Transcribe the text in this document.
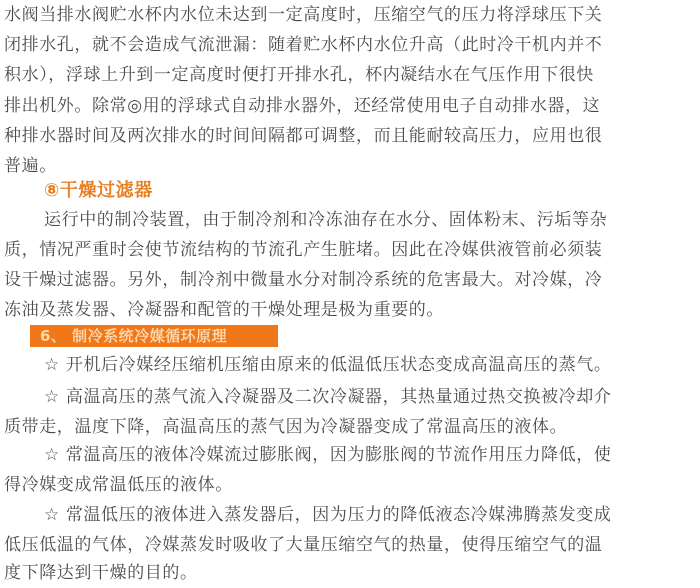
水阀当排水阀贮水杯内水位未达到一定高度时，压缩空气的压力将浮球压下关
闭排水孔，就不会造成气流泄漏：随着贮水杯内水位升高（此时冷干机内并不
积水），浮球上升到一定高度时便打开排水孔，杯内凝结水在气压作用下很快
排出机外。除常◎用的浮球式自动排水器外，还经常使用电子自动排水器，这
种排水器时间及两次排水的时间间隔都可调整，而且能耐较高压力，应用也很
普遍。
⑧干燥过滤器
运行中的制冷装置，由于制冷剂和冷冻油存在水分、固体粉末、污垢等杂
质，情况严重时会使节流结构的节流孔产生脏堵。因此在冷媒供液管前必须装
设干燥过滤器。另外，制冷剂中微量水分对制冷系统的危害最大。对冷媒，冷
冻油及蒸发器、冷凝器和配管的干燥处理是极为重要的。
6、 制冷系统冷媒循环原理
☆ 开机后冷媒经压缩机压缩由原来的低温低压状态变成高温高压的蒸气。
☆ 高温高压的蒸气流入冷凝器及二次冷凝器，其热量通过热交换被冷却介
质带走，温度下降，高温高压的蒸气因为冷凝器变成了常温高压的液体。
☆ 常温高压的液体冷媒流过膨胀阀，因为膨胀阀的节流作用压力降低，使
得冷媒变成常温低压的液体。
☆ 常温低压的液体进入蒸发器后，因为压力的降低液态冷媒沸腾蒸发变成
低压低温的气体，冷媒蒸发时吸收了大量压缩空气的热量，使得压缩空气的温
度下降达到干燥的目的。
